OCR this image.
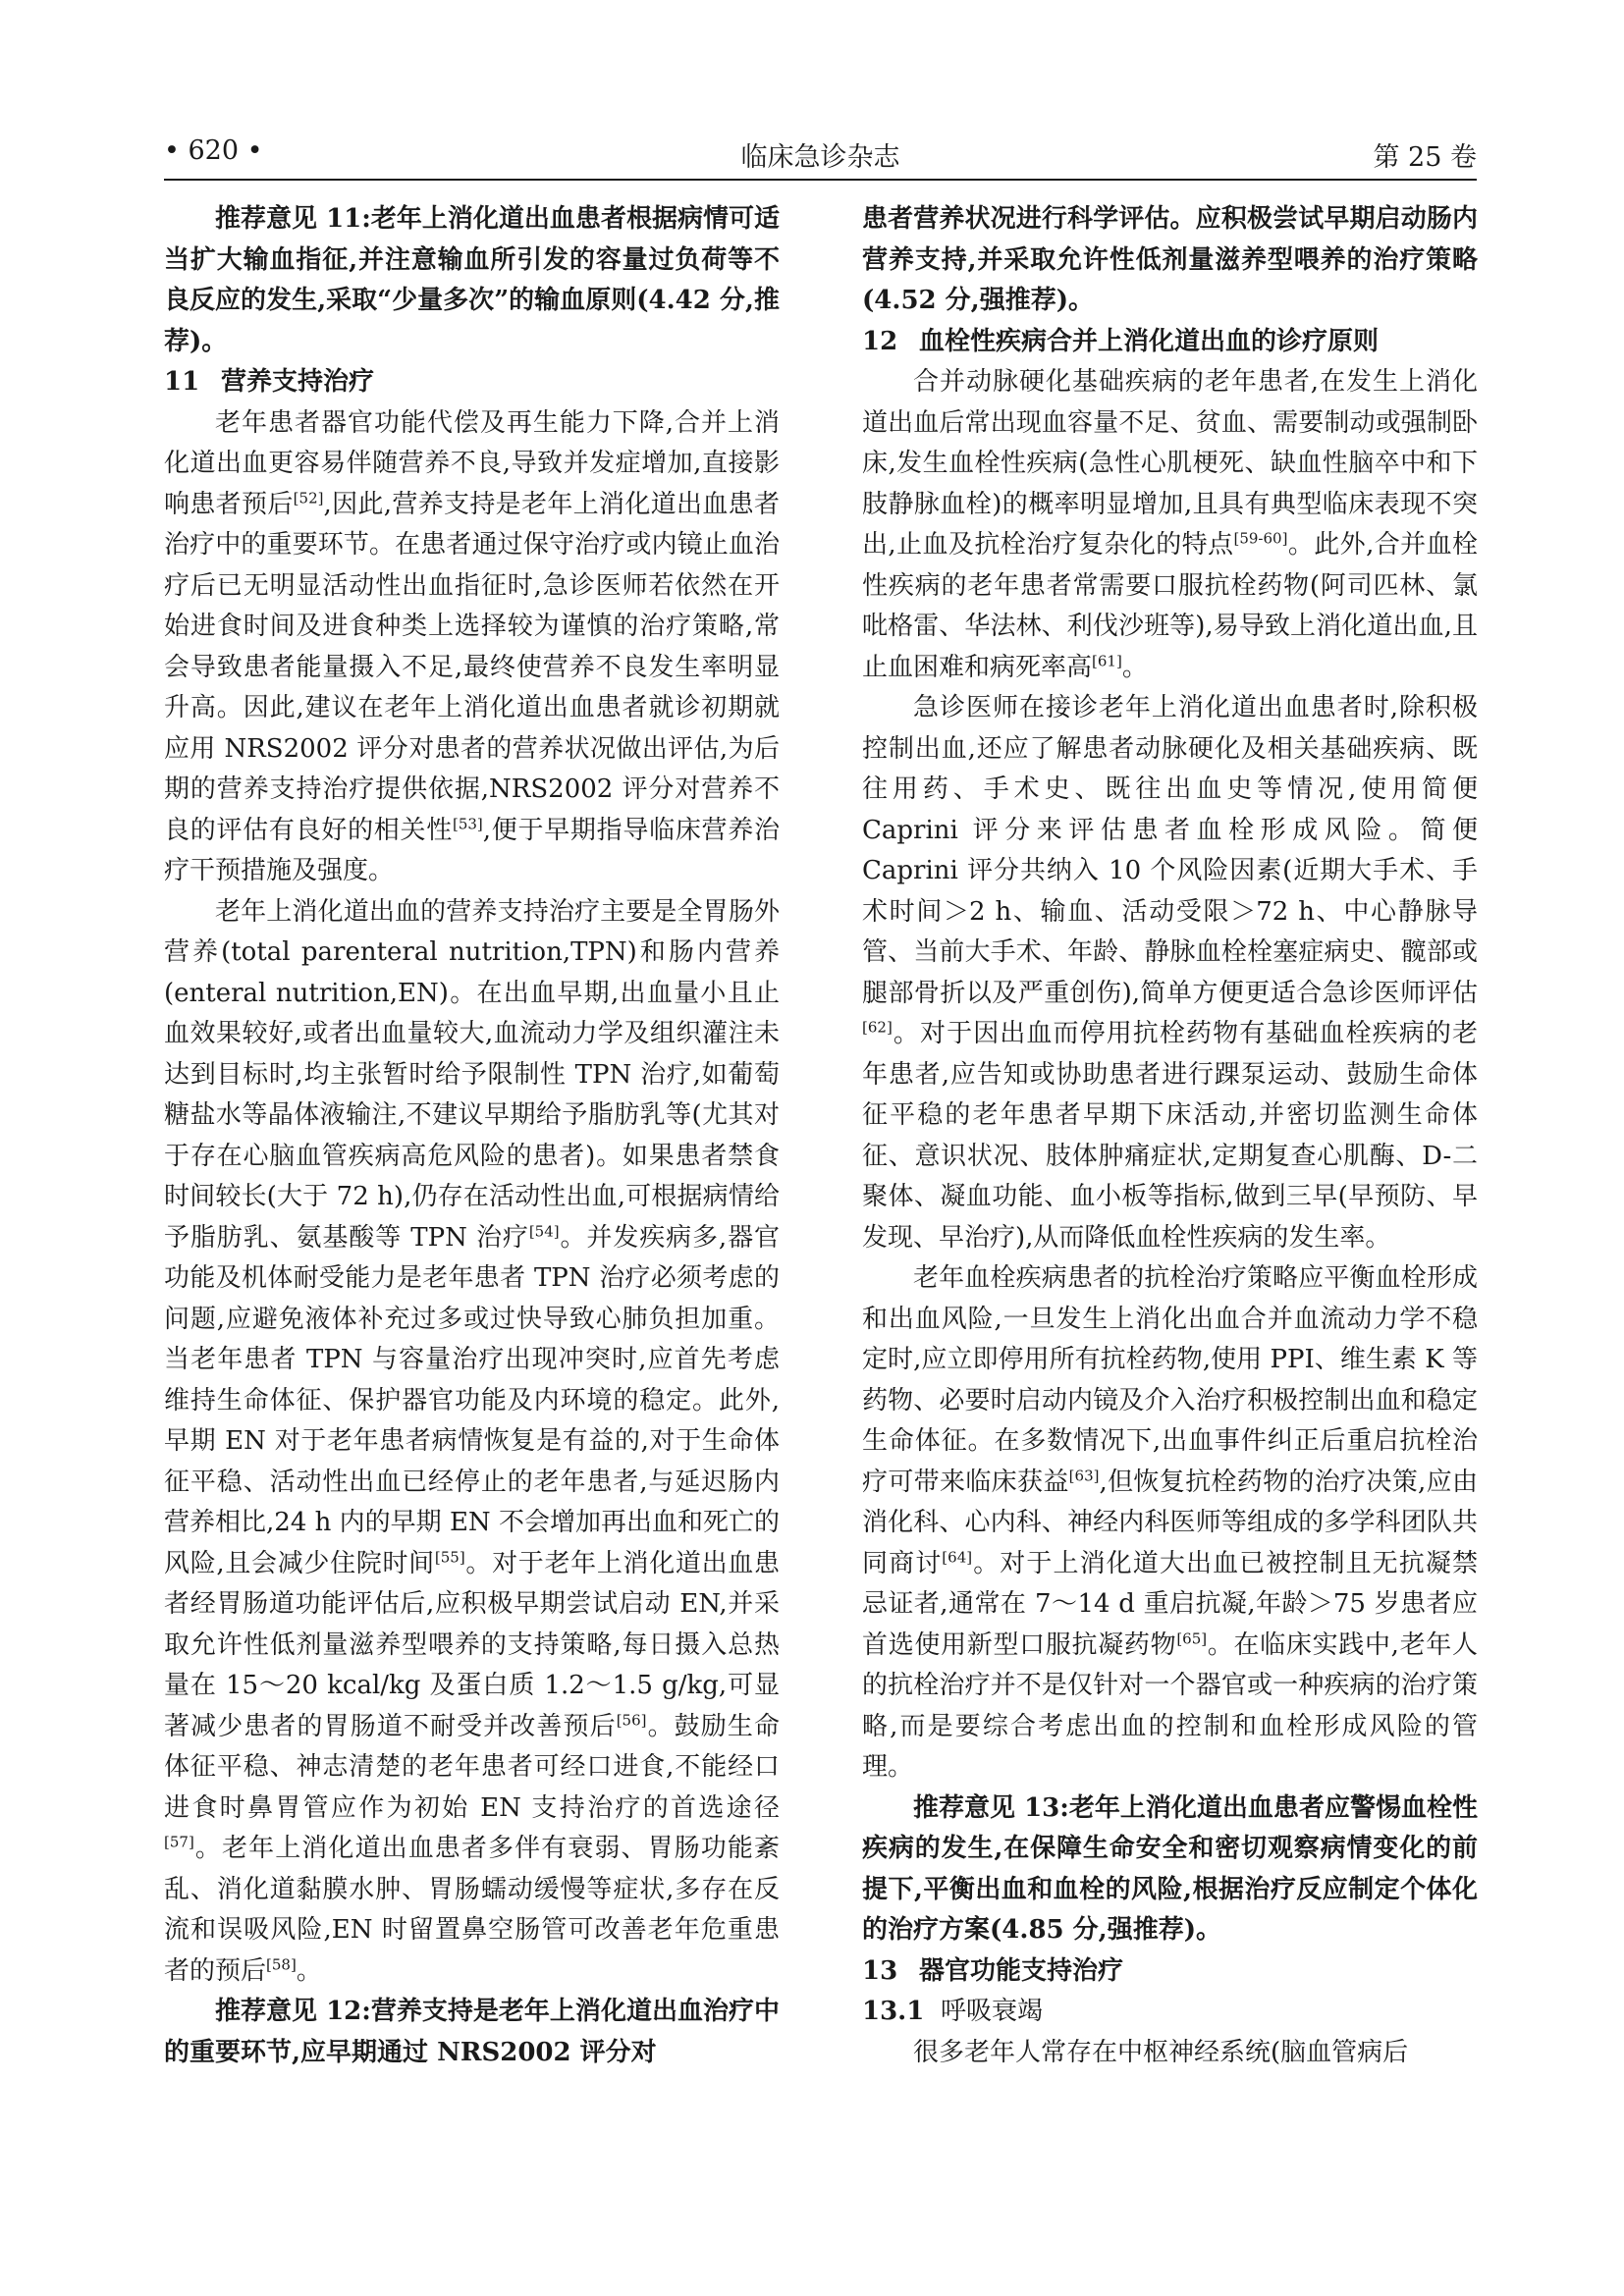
• 620 •	临床急诊杂志	第 25 卷

推荐意见 11:老年上消化道出血患者根据病情可适当扩大输血指征,并注意输血所引发的容量过负荷等不良反应的发生,采取“少量多次”的输血原则(4.42 分,推荐)。

11 营养支持治疗

老年患者器官功能代偿及再生能力下降,合并上消化道出血更容易伴随营养不良,导致并发症增加,直接影响患者预后[52],因此,营养支持是老年上消化道出血患者治疗中的重要环节。在患者通过保守治疗或内镜止血治疗后已无明显活动性出血指征时,急诊医师若依然在开始进食时间及进食种类上选择较为谨慎的治疗策略,常会导致患者能量摄入不足,最终使营养不良发生率明显升高。因此,建议在老年上消化道出血患者就诊初期就应用 NRS2002 评分对患者的营养状况做出评估,为后期的营养支持治疗提供依据,NRS2002 评分对营养不良的评估有良好的相关性[53],便于早期指导临床营养治疗干预措施及强度。

老年上消化道出血的营养支持治疗主要是全胃肠外营养(total parenteral nutrition,TPN)和肠内营养(enteral nutrition,EN)。在出血早期,出血量小且止血效果较好,或者出血量较大,血流动力学及组织灌注未达到目标时,均主张暂时给予限制性 TPN 治疗,如葡萄糖盐水等晶体液输注,不建议早期给予脂肪乳等(尤其对于存在心脑血管疾病高危风险的患者)。如果患者禁食时间较长(大于 72 h),仍存在活动性出血,可根据病情给予脂肪乳、氨基酸等 TPN 治疗[54]。并发疾病多,器官功能及机体耐受能力是老年患者 TPN 治疗必须考虑的问题,应避免液体补充过多或过快导致心肺负担加重。当老年患者 TPN 与容量治疗出现冲突时,应首先考虑维持生命体征、保护器官功能及内环境的稳定。此外,早期 EN 对于老年患者病情恢复是有益的,对于生命体征平稳、活动性出血已经停止的老年患者,与延迟肠内营养相比,24 h 内的早期 EN 不会增加再出血和死亡的风险,且会减少住院时间[55]。对于老年上消化道出血患者经胃肠道功能评估后,应积极早期尝试启动 EN,并采取允许性低剂量滋养型喂养的支持策略,每日摄入总热量在 15～20 kcal/kg 及蛋白质 1.2～1.5 g/kg,可显著减少患者的胃肠道不耐受并改善预后[56]。鼓励生命体征平稳、神志清楚的老年患者可经口进食,不能经口进食时鼻胃管应作为初始 EN 支持治疗的首选途径[57]。老年上消化道出血患者多伴有衰弱、胃肠功能紊乱、消化道黏膜水肿、胃肠蠕动缓慢等症状,多存在反流和误吸风险,EN 时留置鼻空肠管可改善老年危重患者的预后[58]。

推荐意见 12:营养支持是老年上消化道出血治疗中的重要环节,应早期通过 NRS2002 评分对

患者营养状况进行科学评估。应积极尝试早期启动肠内营养支持,并采取允许性低剂量滋养型喂养的治疗策略(4.52 分,强推荐)。

12 血栓性疾病合并上消化道出血的诊疗原则

合并动脉硬化基础疾病的老年患者,在发生上消化道出血后常出现血容量不足、贫血、需要制动或强制卧床,发生血栓性疾病(急性心肌梗死、缺血性脑卒中和下肢静脉血栓)的概率明显增加,且具有典型临床表现不突出,止血及抗栓治疗复杂化的特点[59-60]。此外,合并血栓性疾病的老年患者常需要口服抗栓药物(阿司匹林、氯吡格雷、华法林、利伐沙班等),易导致上消化道出血,且止血困难和病死率高[61]。

急诊医师在接诊老年上消化道出血患者时,除积极控制出血,还应了解患者动脉硬化及相关基础疾病、既往用药、手术史、既往出血史等情况,使用简便 Caprini 评分来评估患者血栓形成风险。简便 Caprini 评分共纳入 10 个风险因素(近期大手术、手术时间＞2 h、输血、活动受限＞72 h、中心静脉导管、当前大手术、年龄、静脉血栓栓塞症病史、髋部或腿部骨折以及严重创伤),简单方便更适合急诊医师评估[62]。对于因出血而停用抗栓药物有基础血栓疾病的老年患者,应告知或协助患者进行踝泵运动、鼓励生命体征平稳的老年患者早期下床活动,并密切监测生命体征、意识状况、肢体肿痛症状,定期复查心肌酶、D-二聚体、凝血功能、血小板等指标,做到三早(早预防、早发现、早治疗),从而降低血栓性疾病的发生率。

老年血栓疾病患者的抗栓治疗策略应平衡血栓形成和出血风险,一旦发生上消化出血合并血流动力学不稳定时,应立即停用所有抗栓药物,使用 PPI、维生素 K 等药物、必要时启动内镜及介入治疗积极控制出血和稳定生命体征。在多数情况下,出血事件纠正后重启抗栓治疗可带来临床获益[63],但恢复抗栓药物的治疗决策,应由消化科、心内科、神经内科医师等组成的多学科团队共同商讨[64]。对于上消化道大出血已被控制且无抗凝禁忌证者,通常在 7～14 d 重启抗凝,年龄＞75 岁患者应首选使用新型口服抗凝药物[65]。在临床实践中,老年人的抗栓治疗并不是仅针对一个器官或一种疾病的治疗策略,而是要综合考虑出血的控制和血栓形成风险的管理。

推荐意见 13:老年上消化道出血患者应警惕血栓性疾病的发生,在保障生命安全和密切观察病情变化的前提下,平衡出血和血栓的风险,根据治疗反应制定个体化的治疗方案(4.85 分,强推荐)。

13 器官功能支持治疗
13.1 呼吸衰竭

很多老年人常存在中枢神经系统(脑血管病后
